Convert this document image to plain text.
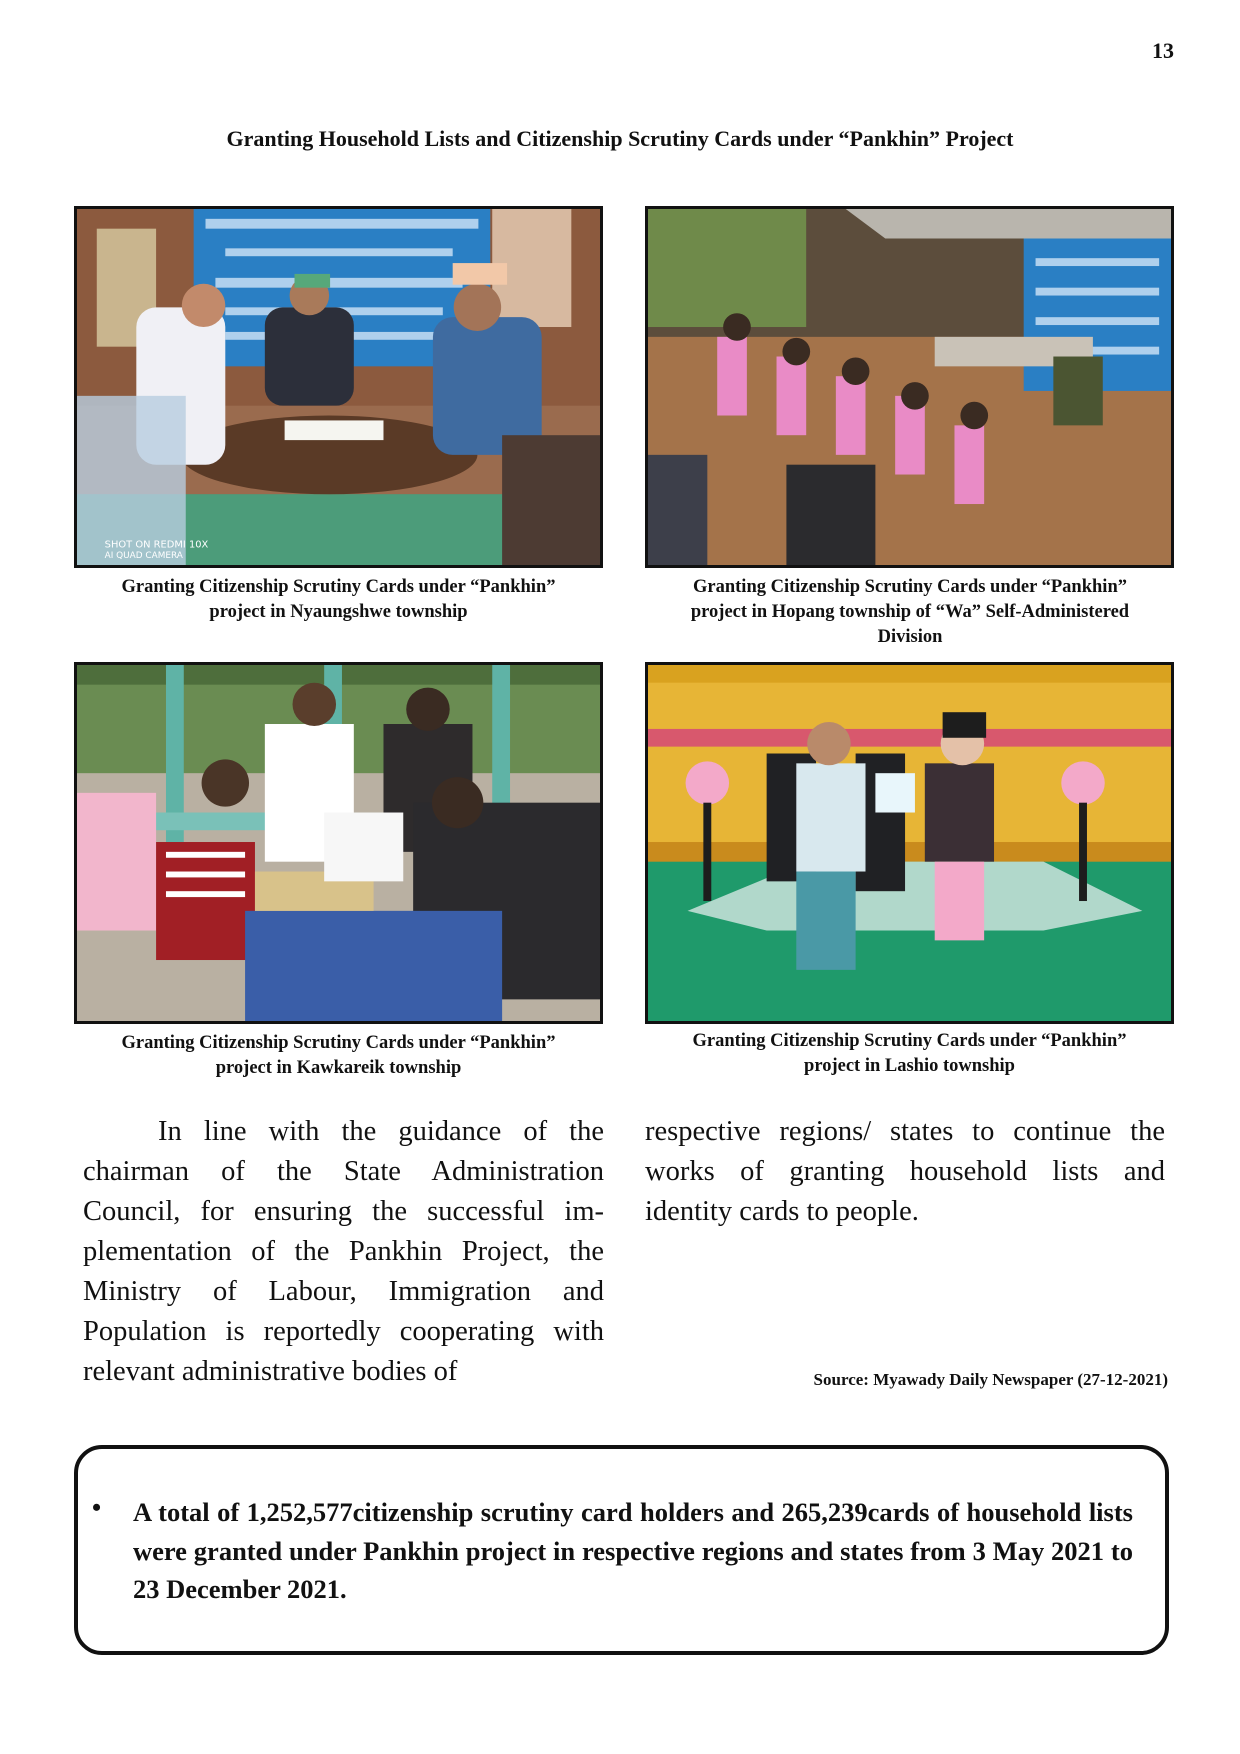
13
Granting Household Lists and Citizenship Scrutiny Cards under “Pankhin” Project
SHOT ON REDMI 10X
AI QUAD CAMERA
Granting Citizenship Scrutiny Cards under “Pankhin”
project in Nyaungshwe township
Granting Citizenship Scrutiny Cards under “Pankhin”
project in Hopang township of “Wa” Self-Administered
Division
Granting Citizenship Scrutiny Cards under “Pankhin”
project in Kawkareik township
Granting Citizenship Scrutiny Cards under “Pankhin”
project in Lashio township
In line with the guidance of the chairman of the State Administration Council, for ensuring the successful implementation of the Pankhin Project, the Ministry of Labour, Immigration and Population is reportedly cooperating with relevant administrative bodies of
respective regions/ states to continue the works of granting household lists and identity cards to people.
Source: Myawady Daily Newspaper (27-12-2021)
• A total of 1,252,577citizenship scrutiny card holders and 265,239cards of household lists were granted under Pankhin project in respective regions and states from 3 May 2021 to 23 December 2021.
